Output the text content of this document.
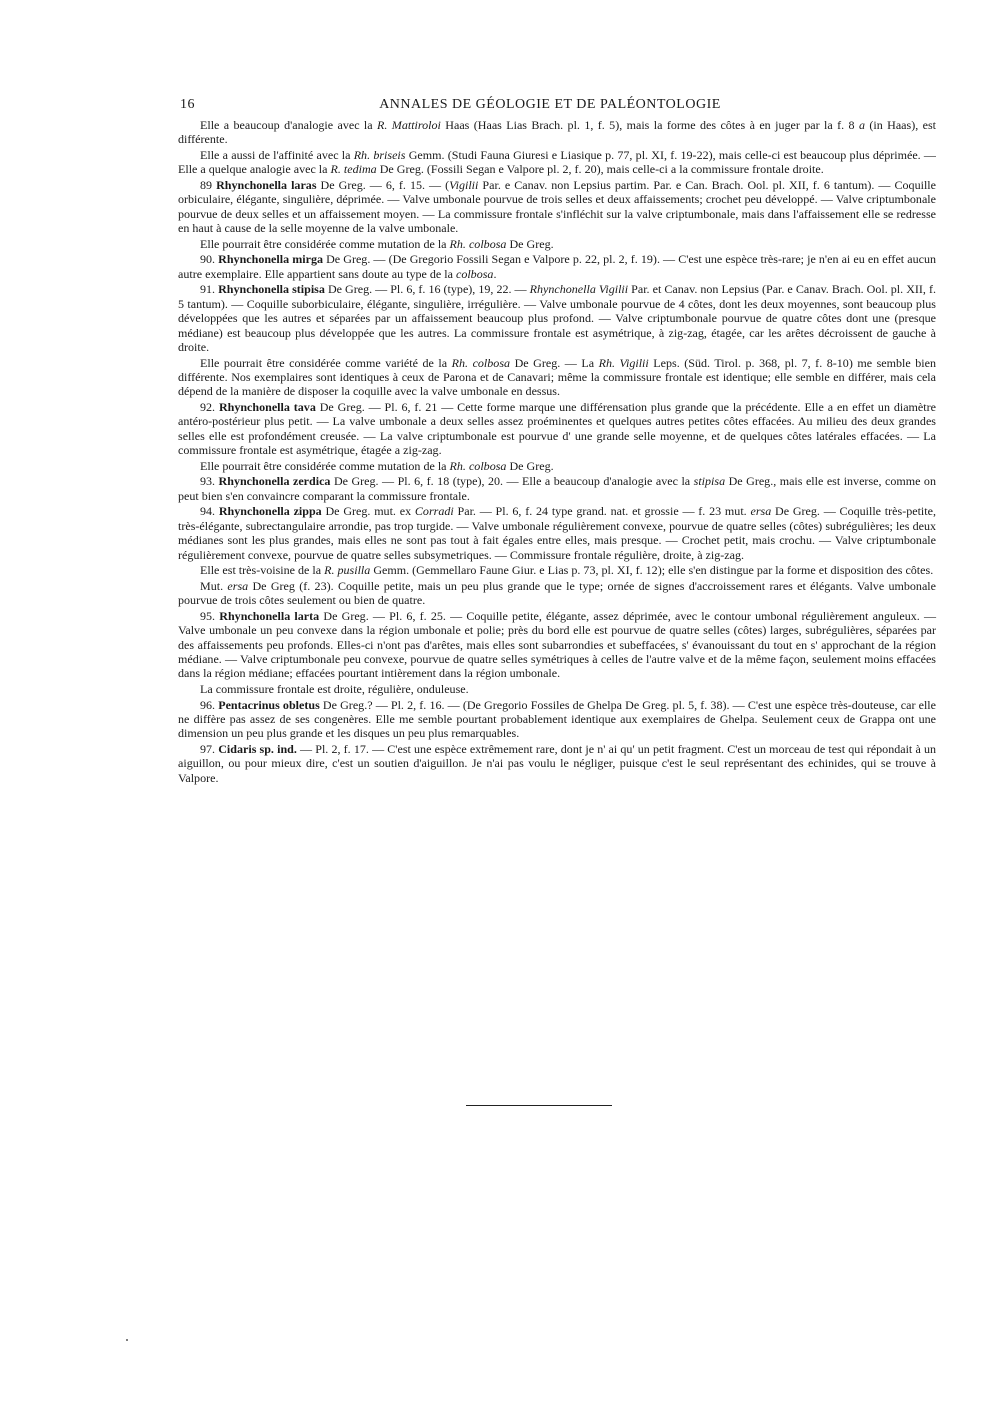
16	ANNALES DE GÉOLOGIE ET DE PALÉONTOLOGIE

Elle a beaucoup d'analogie avec la R. Mattiroloi Haas (Haas Lias Brach. pl. 1, f. 5), mais la forme des côtes à en juger par la f. 8 a (in Haas), est différente.

Elle a aussi de l'affinité avec la Rh. briseis Gemm. (Studi Fauna Giuresi e Liasique p. 77, pl. XI, f. 19-22), mais celle-ci est beaucoup plus déprimée. — Elle a quelque analogie avec la R. tedima De Greg. (Fossili Segan e Valpore pl. 2, f. 20), mais celle-ci a la commissure frontale droite.

89 Rhynchonella laras De Greg. — 6, f. 15. — (Vigilii Par. e Canav. non Lepsius partim. Par. e Can. Brach. Ool. pl. XII, f. 6 tantum). — Coquille orbiculaire, élégante, singulière, déprimée. — Valve umbonale pourvue de trois selles et deux affaissements; crochet peu développé. — Valve criptumbonale pourvue de deux selles et un affaissement moyen. — La commissure frontale s'infléchit sur la valve criptumbonale, mais dans l'affaissement elle se redresse en haut à cause de la selle moyenne de la valve umbonale.

Elle pourrait être considérée comme mutation de la Rh. colbosa De Greg.

90. Rhynchonella mirga De Greg. — (De Gregorio Fossili Segan e Valpore p. 22, pl. 2, f. 19). — C'est une espèce très-rare; je n'en ai eu en effet aucun autre exemplaire. Elle appartient sans doute au type de la colbosa.

91. Rhynchonella stipisa De Greg. — Pl. 6, f. 16 (type), 19, 22. — Rhynchonella Vigilii Par. et Canav. non Lepsius (Par. e Canav. Brach. Ool. pl. XII, f. 5 tantum). — Coquille suborbiculaire, élégante, singulière, irrégulière. — Valve umbonale pourvue de 4 côtes, dont les deux moyennes, sont beaucoup plus développées que les autres et séparées par un affaissement beaucoup plus profond. — Valve criptumbonale pourvue de quatre côtes dont une (presque médiane) est beaucoup plus développée que les autres. La commissure frontale est asymétrique, à zig-zag, étagée, car les arêtes décroissent de gauche à droite.

Elle pourrait être considérée comme variété de la Rh. colbosa De Greg. — La Rh. Vigilii Leps. (Süd. Tirol. p. 368, pl. 7, f. 8-10) me semble bien différente. Nos exemplaires sont identiques à ceux de Parona et de Canavari; même la commissure frontale est identique; elle semble en différer, mais cela dépend de la manière de disposer la coquille avec la valve umbonale en dessus.

92. Rhynchonella tava De Greg. — Pl. 6, f. 21 — Cette forme marque une différensation plus grande que la précédente. Elle a en effet un diamètre antéro-postérieur plus petit. — La valve umbonale a deux selles assez proéminentes et quelques autres petites côtes effacées. Au milieu des deux grandes selles elle est profondément creusée. — La valve criptumbonale est pourvue d' une grande selle moyenne, et de quelques côtes latérales effacées. — La commissure frontale est asymétrique, étagée a zig-zag.

Elle pourrait être considérée comme mutation de la Rh. colbosa De Greg.

93. Rhynchonella zerdica De Greg. — Pl. 6, f. 18 (type), 20. — Elle a beaucoup d'analogie avec la stipisa De Greg., mais elle est inverse, comme on peut bien s'en convaincre comparant la commissure frontale.

94. Rhynchonella zippa De Greg. mut. ex Corradi Par. — Pl. 6, f. 24 type grand. nat. et grossie — f. 23 mut. ersa De Greg. — Coquille très-petite, très-élégante, subrectangulaire arrondie, pas trop turgide. — Valve umbonale régulièrement convexe, pourvue de quatre selles (côtes) subrégulières; les deux médianes sont les plus grandes, mais elles ne sont pas tout à fait égales entre elles, mais presque. — Crochet petit, mais crochu. — Valve criptumbonale régulièrement convexe, pourvue de quatre selles subsymetriques. — Commissure frontale régulière, droite, à zig-zag.

Elle est très-voisine de la R. pusilla Gemm. (Gemmellaro Faune Giur. e Lias p. 73, pl. XI, f. 12); elle s'en distingue par la forme et disposition des côtes.

Mut. ersa De Greg (f. 23). Coquille petite, mais un peu plus grande que le type; ornée de signes d'accroissement rares et élégants. Valve umbonale pourvue de trois côtes seulement ou bien de quatre.

95. Rhynchonella larta De Greg. — Pl. 6, f. 25. — Coquille petite, élégante, assez déprimée, avec le contour umbonal régulièrement anguleux. — Valve umbonale un peu convexe dans la région umbonale et polie; près du bord elle est pourvue de quatre selles (côtes) larges, subrégulières, séparées par des affaissements peu profonds. Elles-ci n'ont pas d'arêtes, mais elles sont subarrondies et subeffacées, s' évanouissant du tout en s' approchant de la région médiane. — Valve criptumbonale peu convexe, pourvue de quatre selles symétriques à celles de l'autre valve et de la même façon, seulement moins effacées dans la région médiane; effacées pourtant intièrement dans la région umbonale.

La commissure frontale est droite, régulière, onduleuse.

96. Pentacrinus obletus De Greg.? — Pl. 2, f. 16. — (De Gregorio Fossiles de Ghelpa De Greg. pl. 5, f. 38). — C'est une espèce très-douteuse, car elle ne diffère pas assez de ses congenères. Elle me semble pourtant probablement identique aux exemplaires de Ghelpa. Seulement ceux de Grappa ont une dimension un peu plus grande et les disques un peu plus remarquables.

97. Cidaris sp. ind. — Pl. 2, f. 17. — C'est une espèce extrêmement rare, dont je n' ai qu' un petit fragment. C'est un morceau de test qui répondait à un aiguillon, ou pour mieux dire, c'est un soutien d'aiguillon. Je n'ai pas voulu le négliger, puisque c'est le seul représentant des echinides, qui se trouve à Valpore.
